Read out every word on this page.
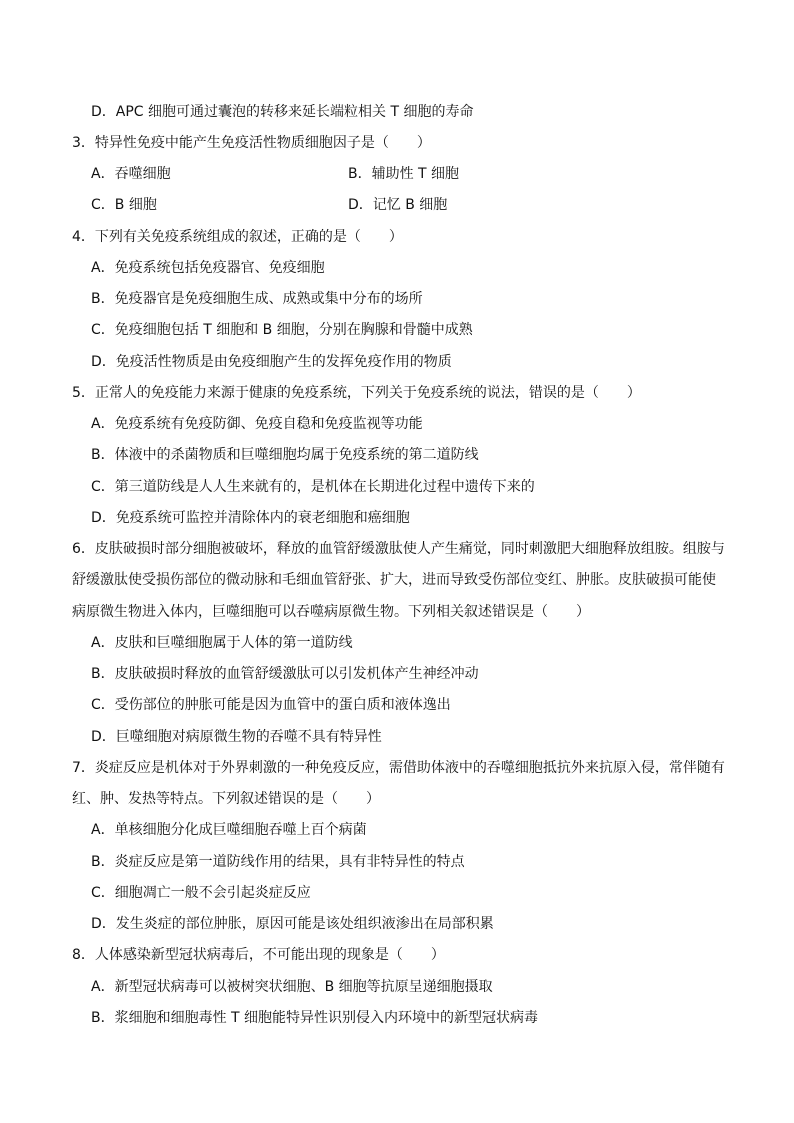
D．APC 细胞可通过囊泡的转移来延长端粒相关 T 细胞的寿命
3．特异性免疫中能产生免疫活性物质细胞因子是（　　）
A．吞噬细胞	B．辅助性 T 细胞
C．B 细胞	D．记忆 B 细胞
4．下列有关免疫系统组成的叙述，正确的是（　　）
A．免疫系统包括免疫器官、免疫细胞
B．免疫器官是免疫细胞生成、成熟或集中分布的场所
C．免疫细胞包括 T 细胞和 B 细胞，分别在胸腺和骨髓中成熟
D．免疫活性物质是由免疫细胞产生的发挥免疫作用的物质
5．正常人的免疫能力来源于健康的免疫系统，下列关于免疫系统的说法，错误的是（　　）
A．免疫系统有免疫防御、免疫自稳和免疫监视等功能
B．体液中的杀菌物质和巨噬细胞均属于免疫系统的第二道防线
C．第三道防线是人人生来就有的，是机体在长期进化过程中遗传下来的
D．免疫系统可监控并清除体内的衰老细胞和癌细胞
6．皮肤破损时部分细胞被破坏，释放的血管舒缓激肽使人产生痛觉，同时刺激肥大细胞释放组胺。组胺与
舒缓激肽使受损伤部位的微动脉和毛细血管舒张、扩大，进而导致受伤部位变红、肿胀。皮肤破损可能使
病原微生物进入体内，巨噬细胞可以吞噬病原微生物。下列相关叙述错误是（　　）
A．皮肤和巨噬细胞属于人体的第一道防线
B．皮肤破损时释放的血管舒缓激肽可以引发机体产生神经冲动
C．受伤部位的肿胀可能是因为血管中的蛋白质和液体逸出
D．巨噬细胞对病原微生物的吞噬不具有特异性
7．炎症反应是机体对于外界刺激的一种免疫反应，需借助体液中的吞噬细胞抵抗外来抗原入侵，常伴随有
红、肿、发热等特点。下列叙述错误的是（　　）
A．单核细胞分化成巨噬细胞吞噬上百个病菌
B．炎症反应是第一道防线作用的结果，具有非特异性的特点
C．细胞凋亡一般不会引起炎症反应
D．发生炎症的部位肿胀，原因可能是该处组织液渗出在局部积累
8．人体感染新型冠状病毒后，不可能出现的现象是（　　）
A．新型冠状病毒可以被树突状细胞、B 细胞等抗原呈递细胞摄取
B．浆细胞和细胞毒性 T 细胞能特异性识别侵入内环境中的新型冠状病毒
